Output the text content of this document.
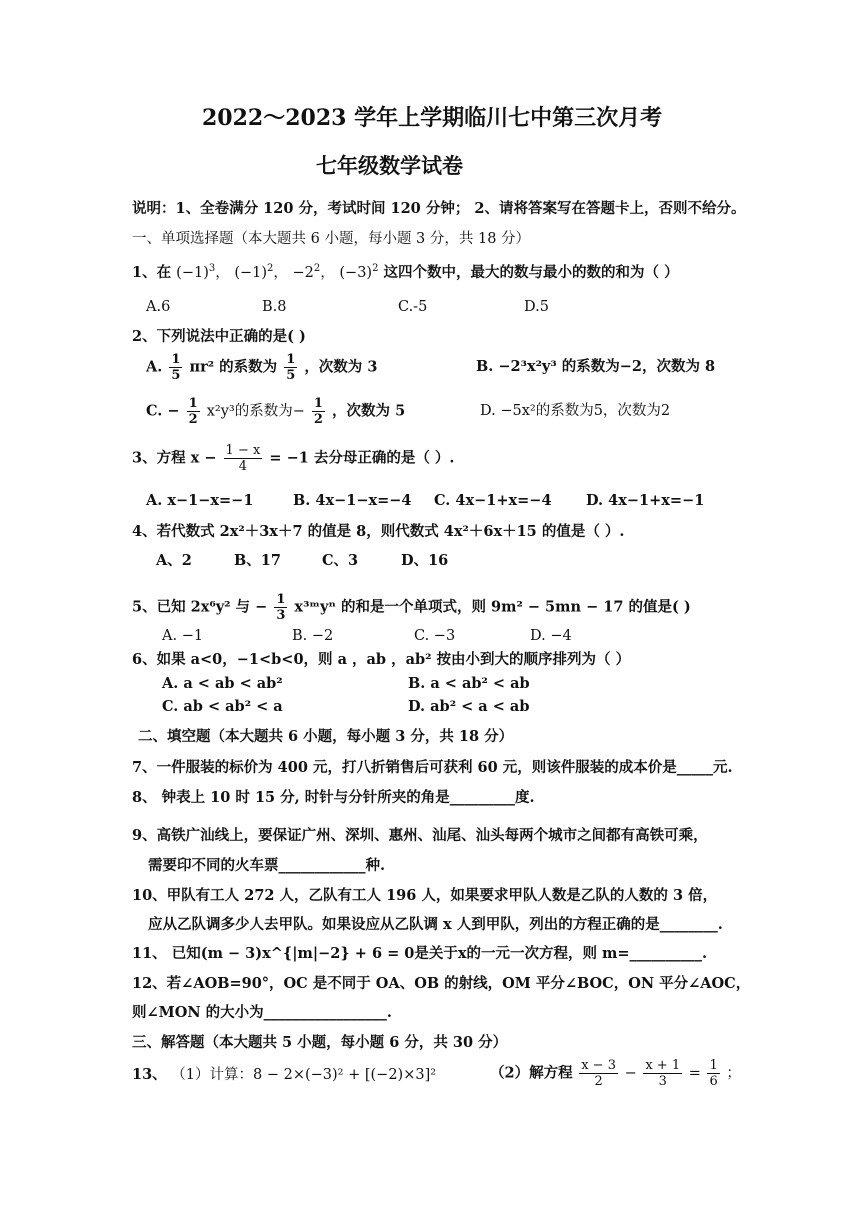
2022～2023 学年上学期临川七中第三次月考
七年级数学试卷
说明：1、全卷满分 120 分，考试时间 120 分钟； 2、请将答案写在答题卡上，否则不给分。
一、单项选择题（本大题共 6 小题，每小题 3 分，共 18 分）
1、在 $(-1)^3$， $(-1)^2$， $-2^2$， $(-3)^2$ 这四个数中，最大的数与最小的数的和为（ ）
A.6	B.8	C.-5	D.5
2、下列说法中正确的是( )
A. $\frac{1}{5} \pi r^2$ 的系数为 $\frac{1}{5}$ ，次数为 3	B. −2³x²y³ 的系数为−2，次数为 8
C. − $\frac{1}{2} x^2y^3$的系数为− $\frac{1}{2}$ ，次数为 5	D. −5x²的系数为5，次数为2
3、方程 $x - \frac{1 - x}{4} = -1$ 去分母正确的是（ ）.
A. x−1−x=−1	B. 4x−1−x=−4 C. 4x−1+x=−4 D. 4x−1+x=−1
4、若代数式 2x²＋3x＋7 的值是 8，则代数式 4x²＋6x＋15 的值是（ ）.
A、2	B、17	C、3	D、16
5、已知 2x⁶y² 与 − $\frac{1}{3}$ x³ᵐyⁿ 的和是一个单项式，则 9m² − 5mn − 17 的值是( )
A. −1	B. −2	C. −3	D. −4
6、如果 a<0，−1<b<0，则 a ，ab ，ab² 按由小到大的顺序排列为（ ）
A. a < ab < ab²	B. a < ab² < ab
C. ab < ab² < a	D. ab² < a < ab
二、填空题（本大题共 6 小题，每小题 3 分，共 18 分）
7、一件服装的标价为 400 元，打八折销售后可获利 60 元，则该件服装的成本价是_____元.
8、 钟表上 10 时 15 分, 时针与分针所夹的角是_________度.
9、高铁广汕线上，要保证广州、深圳、惠州、汕尾、汕头每两个城市之间都有高铁可乘，
需要印不同的火车票____________种.
10、甲队有工人 272 人，乙队有工人 196 人，如果要求甲队人数是乙队的人数的 3 倍，
应从乙队调多少人去甲队。如果设应从乙队调 x 人到甲队，列出的方程正确的是________.
11、 已知(m − 3)x^{|m|−2} + 6 = 0是关于x的一元一次方程，则 m=__________.
12、若∠AOB=90°，OC 是不同于 OA、OB 的射线，OM 平分∠BOC，ON 平分∠AOC，
则∠MON 的大小为_________________.
三、解答题（本大题共 5 小题，每小题 6 分，共 30 分）
13、 （1）计算：8 − 2×(−3)² + [(−2)×3]²	（2）解方程 $\frac{x - 3}{2} - \frac{x + 1}{3} = \frac{1}{6}$ ；
